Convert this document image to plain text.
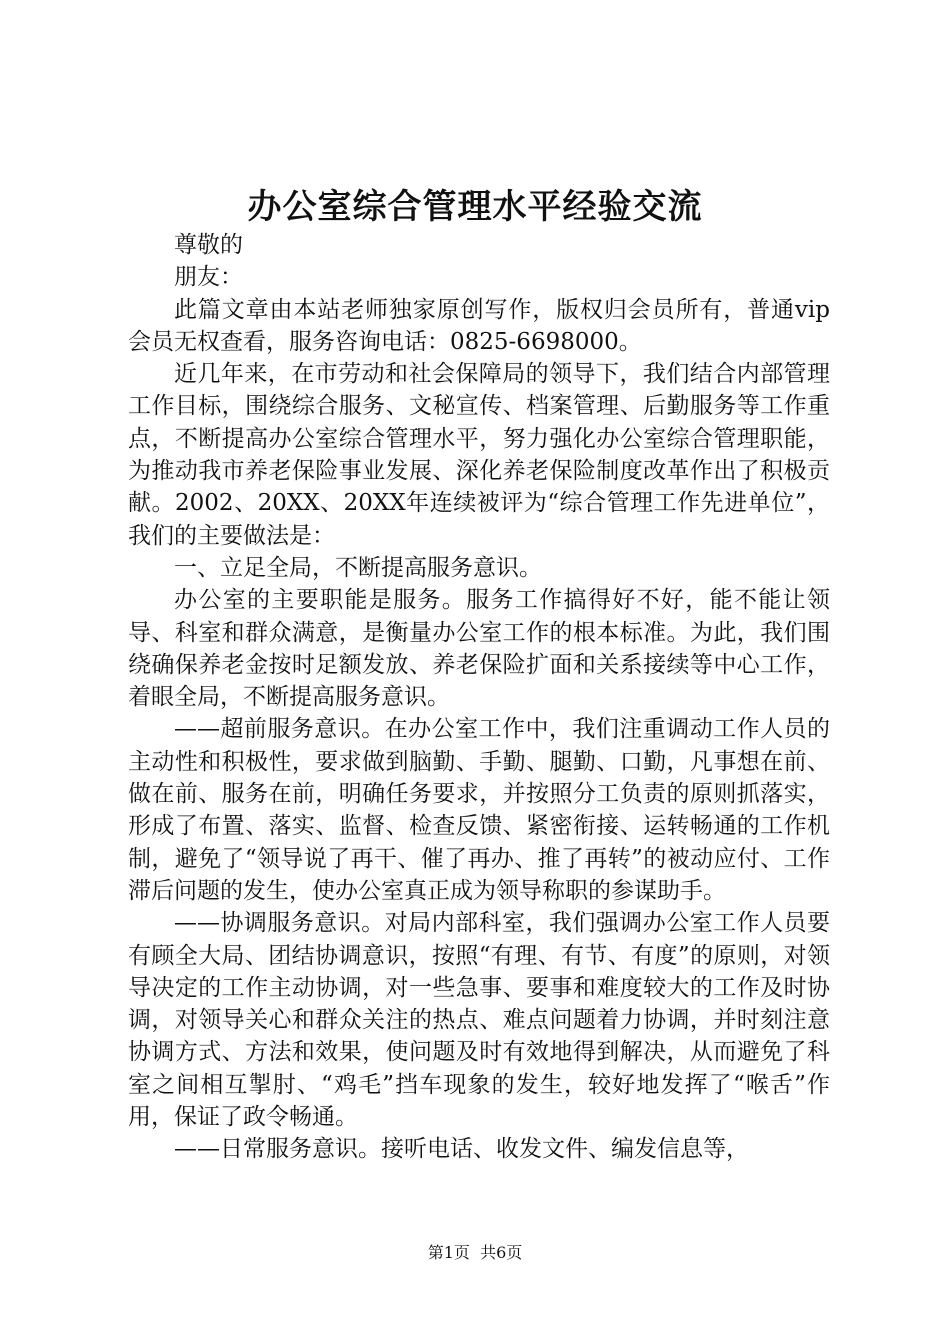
办公室综合管理水平经验交流

尊敬的

朋友：

此篇文章由本站老师独家原创写作，版权归会员所有，普通vip会员无权查看，服务咨询电话：0825-6698000。

近几年来，在市劳动和社会保障局的领导下，我们结合内部管理工作目标，围绕综合服务、文秘宣传、档案管理、后勤服务等工作重点，不断提高办公室综合管理水平，努力强化办公室综合管理职能，为推动我市养老保险事业发展、深化养老保险制度改革作出了积极贡献。2002、20XX、20XX年连续被评为“综合管理工作先进单位”，我们的主要做法是：

一、立足全局，不断提高服务意识。

办公室的主要职能是服务。服务工作搞得好不好，能不能让领导、科室和群众满意，是衡量办公室工作的根本标准。为此，我们围绕确保养老金按时足额发放、养老保险扩面和关系接续等中心工作，着眼全局，不断提高服务意识。

——超前服务意识。在办公室工作中，我们注重调动工作人员的主动性和积极性，要求做到脑勤、手勤、腿勤、口勤，凡事想在前、做在前、服务在前，明确任务要求，并按照分工负责的原则抓落实，形成了布置、落实、监督、检查反馈、紧密衔接、运转畅通的工作机制，避免了“领导说了再干、催了再办、推了再转”的被动应付、工作滞后问题的发生，使办公室真正成为领导称职的参谋助手。

——协调服务意识。对局内部科室，我们强调办公室工作人员要有顾全大局、团结协调意识，按照“有理、有节、有度”的原则，对领导决定的工作主动协调，对一些急事、要事和难度较大的工作及时协调，对领导关心和群众关注的热点、难点问题着力协调，并时刻注意协调方式、方法和效果，使问题及时有效地得到解决，从而避免了科室之间相互掣肘、“鸡毛”挡车现象的发生，较好地发挥了“喉舌”作用，保证了政令畅通。

——日常服务意识。接听电话、收发文件、编发信息等，

第1页 共6页
